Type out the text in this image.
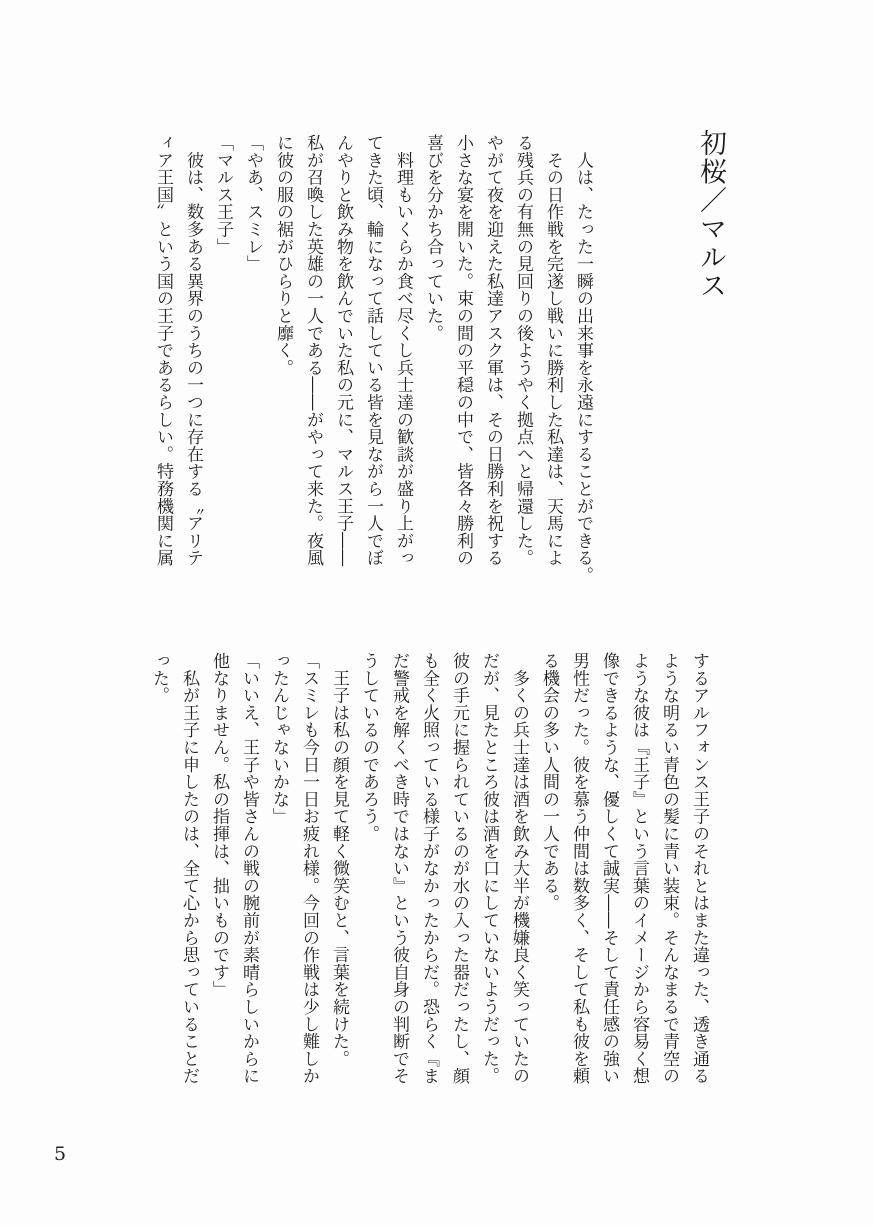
初桜／マルス
　人は、たった一瞬の出来事を永遠にすることができる。
　その日作戦を完遂し戦いに勝利した私達は、天馬によ
る残兵の有無の見回りの後ようやく拠点へと帰還した。
やがて夜を迎えた私達アスク軍は、その日勝利を祝する
小さな宴を開いた。束の間の平穏の中で、皆各々勝利の
喜びを分かち合っていた。
　料理もいくらか食べ尽くし兵士達の歓談が盛り上がっ
てきた頃、輪になって話している皆を見ながら一人でぼ
んやりと飲み物を飲んでいた私の元に、マルス王子――
私が召喚した英雄の一人である――がやって来た。夜風
に彼の服の裾がひらりと靡く。
「やあ、スミレ」
「マルス王子」
　彼は、数多ある異界のうちの一つに存在する〝アリテ
ィア王国〟という国の王子であるらしい。特務機関に属
するアルフォンス王子のそれとはまた違った、透き通る
ような明るい青色の髪に青い装束。そんなまるで青空の
ような彼は『王子』という言葉のイメージから容易く想
像できるような、優しくて誠実――そして責任感の強い
男性だった。彼を慕う仲間は数多く、そして私も彼を頼
る機会の多い人間の一人である。
　多くの兵士達は酒を飲み大半が機嫌良く笑っていたの
だが、見たところ彼は酒を口にしていないようだった。
彼の手元に握られているのが水の入った器だったし、顔
も全く火照っている様子がなかったからだ。恐らく『ま
だ警戒を解くべき時ではない』という彼自身の判断でそ
うしているのであろう。
　王子は私の顔を見て軽く微笑むと、言葉を続けた。
「スミレも今日一日お疲れ様。今回の作戦は少し難しか
ったんじゃないかな」
「いいえ、王子や皆さんの戦の腕前が素晴らしいからに
他なりません。私の指揮は、拙いものです」
　私が王子に申したのは、全て心から思っていることだ
った。
5
